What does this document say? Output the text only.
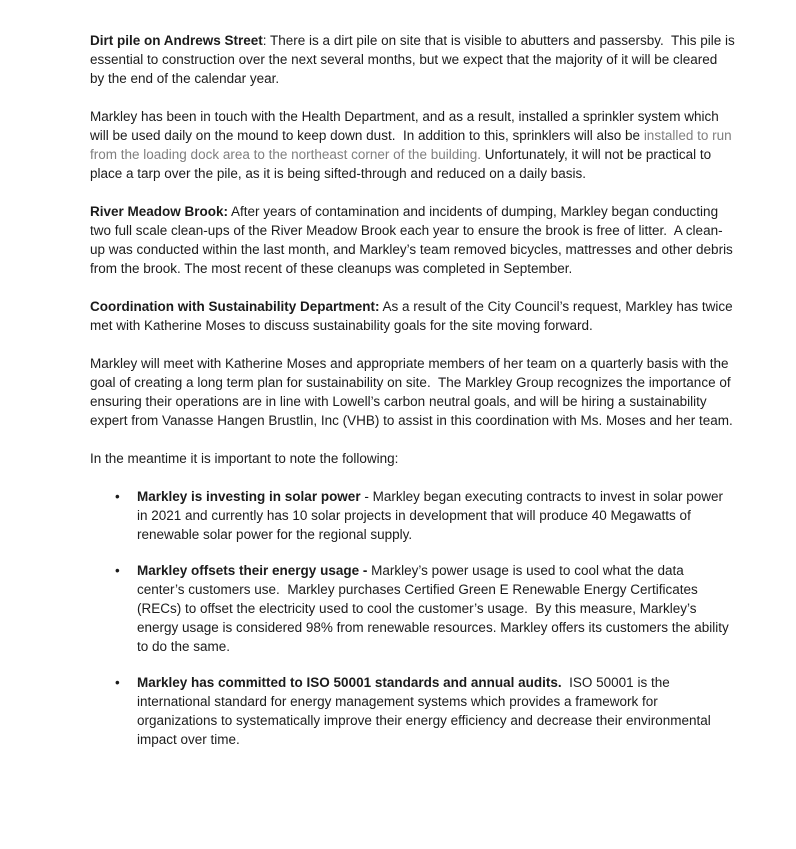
Dirt pile on Andrews Street: There is a dirt pile on site that is visible to abutters and passersby.  This pile is essential to construction over the next several months, but we expect that the majority of it will be cleared by the end of the calendar year.

Markley has been in touch with the Health Department, and as a result, installed a sprinkler system which will be used daily on the mound to keep down dust.  In addition to this, sprinklers will also be installed to run from the loading dock area to the northeast corner of the building. Unfortunately, it will not be practical to place a tarp over the pile, as it is being sifted-through and reduced on a daily basis.

River Meadow Brook: After years of contamination and incidents of dumping, Markley began conducting two full scale clean-ups of the River Meadow Brook each year to ensure the brook is free of litter.  A clean-up was conducted within the last month, and Markley’s team removed bicycles, mattresses and other debris from the brook. The most recent of these cleanups was completed in September.

Coordination with Sustainability Department: As a result of the City Council’s request, Markley has twice met with Katherine Moses to discuss sustainability goals for the site moving forward.

Markley will meet with Katherine Moses and appropriate members of her team on a quarterly basis with the goal of creating a long term plan for sustainability on site.  The Markley Group recognizes the importance of ensuring their operations are in line with Lowell’s carbon neutral goals, and will be hiring a sustainability expert from Vanasse Hangen Brustlin, Inc (VHB) to assist in this coordination with Ms. Moses and her team.

In the meantime it is important to note the following:

•	Markley is investing in solar power - Markley began executing contracts to invest in solar power in 2021 and currently has 10 solar projects in development that will produce 40 Megawatts of renewable solar power for the regional supply.
•	Markley offsets their energy usage - Markley’s power usage is used to cool what the data center’s customers use.  Markley purchases Certified Green E Renewable Energy Certificates (RECs) to offset the electricity used to cool the customer’s usage.  By this measure, Markley’s energy usage is considered 98% from renewable resources. Markley offers its customers the ability to do the same.
•	Markley has committed to ISO 50001 standards and annual audits.  ISO 50001 is the international standard for energy management systems which provides a framework for organizations to systematically improve their energy efficiency and decrease their environmental impact over time.
